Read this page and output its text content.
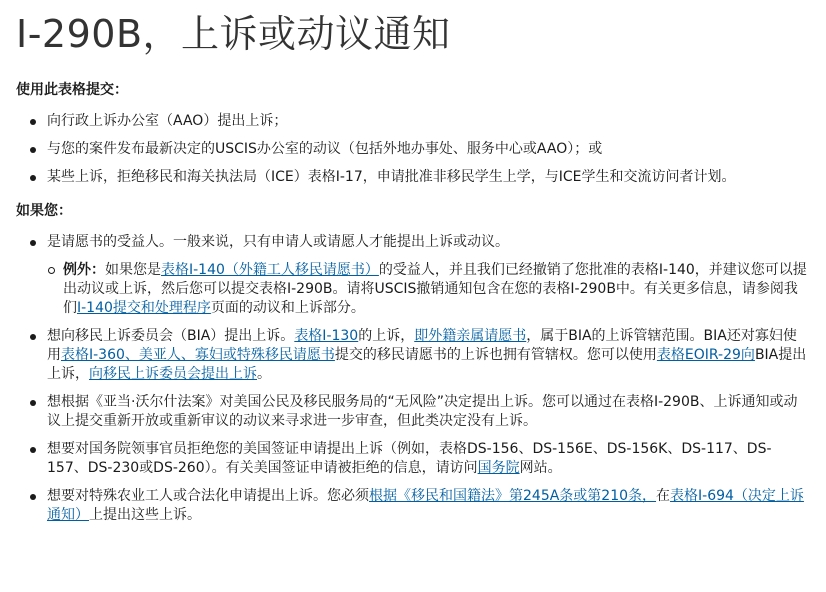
I-290B，上诉或动议通知
使用此表格提交：
向行政上诉办公室（AAO）提出上诉；
与您的案件发布最新决定的USCIS办公室的动议（包括外地办事处、服务中心或AAO）；或
某些上诉，拒绝移民和海关执法局（ICE）表格I-17，申请批准非移民学生上学，与ICE学生和交流访问者计划。
如果您：
是请愿书的受益人。一般来说，只有申请人或请愿人才能提出上诉或动议。
例外：如果您是表格I-140（外籍工人移民请愿书）的受益人，并且我们已经撤销了您批准的表格I-140，并建议您可以提出动议或上诉，然后您可以提交表格I-290B。请将USCIS撤销通知包含在您的表格I-290B中。有关更多信息，请参阅我们I-140提交和处理程序页面的动议和上诉部分。
想向移民上诉委员会（BIA）提出上诉。表格I-130的上诉，即外籍亲属请愿书，属于BIA的上诉管辖范围。BIA还对寡妇使用表格I-360、美亚人、寡妇或特殊移民请愿书提交的移民请愿书的上诉也拥有管辖权。您可以使用表格EOIR-29向BIA提出上诉，向移民上诉委员会提出上诉。
想根据《亚当·沃尔什法案》对美国公民及移民服务局的“无风险”决定提出上诉。您可以通过在表格I-290B、上诉通知或动议上提交重新开放或重新审议的动议来寻求进一步审查，但此类决定没有上诉。
想要对国务院领事官员拒绝您的美国签证申请提出上诉（例如，表格DS-156、DS-156E、DS-156K、DS-117、DS-157、DS-230或DS-260）。有关美国签证申请被拒绝的信息，请访问国务院网站。
想要对特殊农业工人或合法化申请提出上诉。您必须根据《移民和国籍法》第245A条或第210条，在表格I-694（决定上诉通知）上提出这些上诉。
